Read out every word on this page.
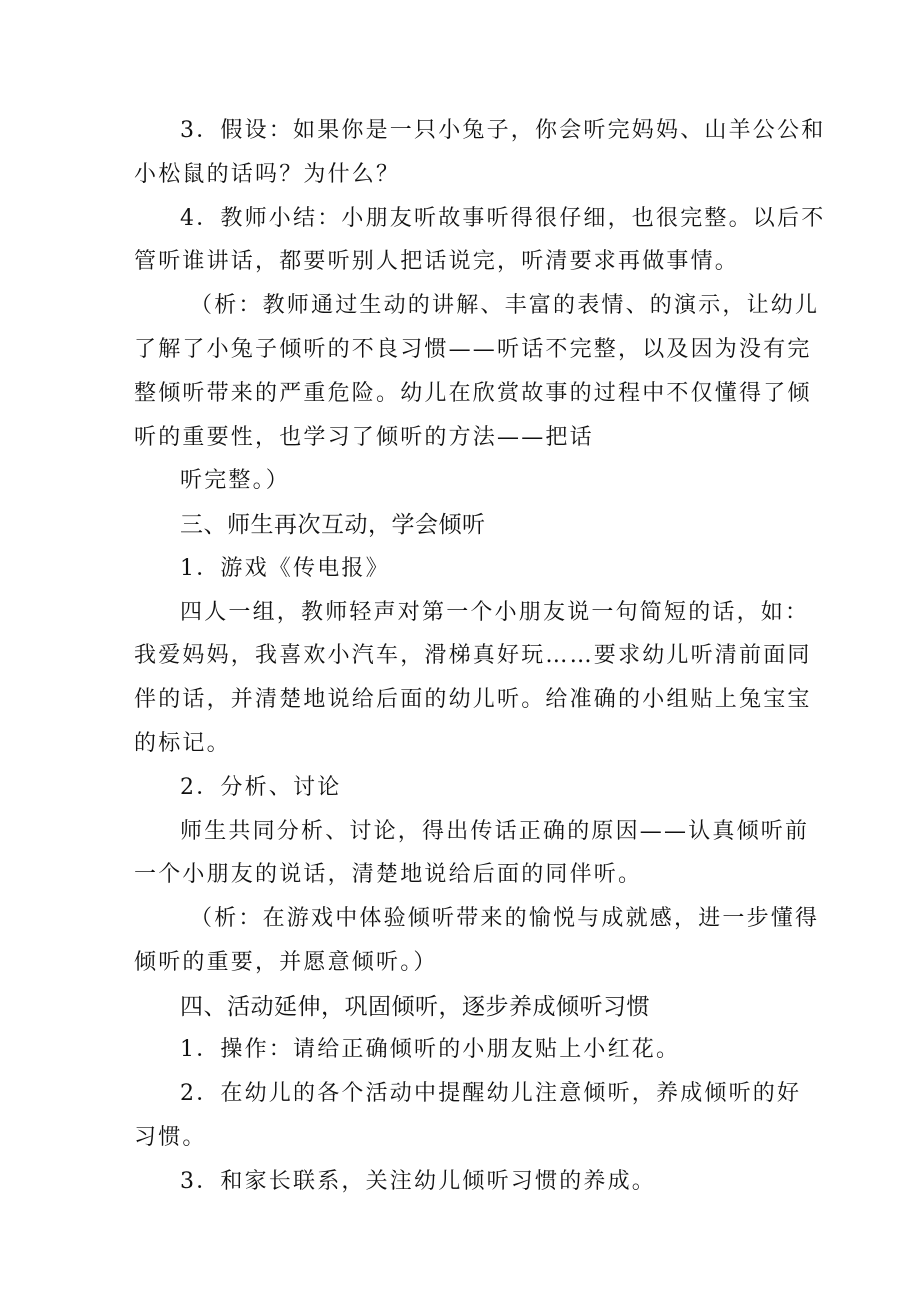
3．假设：如果你是一只小兔子，你会听完妈妈、山羊公公和
小松鼠的话吗？为什么？
4．教师小结：小朋友听故事听得很仔细，也很完整。以后不
管听谁讲话，都要听别人把话说完，听清要求再做事情。
（析：教师通过生动的讲解、丰富的表情、的演示，让幼儿
了解了小兔子倾听的不良习惯——听话不完整，以及因为没有完
整倾听带来的严重危险。幼儿在欣赏故事的过程中不仅懂得了倾
听的重要性，也学习了倾听的方法——把话
听完整。）
三、师生再次互动，学会倾听
1．游戏《传电报》
四人一组，教师轻声对第一个小朋友说一句简短的话，如：
我爱妈妈，我喜欢小汽车，滑梯真好玩……要求幼儿听清前面同
伴的话，并清楚地说给后面的幼儿听。给准确的小组贴上兔宝宝
的标记。
2．分析、讨论
师生共同分析、讨论，得出传话正确的原因——认真倾听前
一个小朋友的说话，清楚地说给后面的同伴听。
（析：在游戏中体验倾听带来的愉悦与成就感，进一步懂得
倾听的重要，并愿意倾听。）
四、活动延伸，巩固倾听，逐步养成倾听习惯
1．操作：请给正确倾听的小朋友贴上小红花。
2．在幼儿的各个活动中提醒幼儿注意倾听，养成倾听的好
习惯。
3．和家长联系，关注幼儿倾听习惯的养成。
